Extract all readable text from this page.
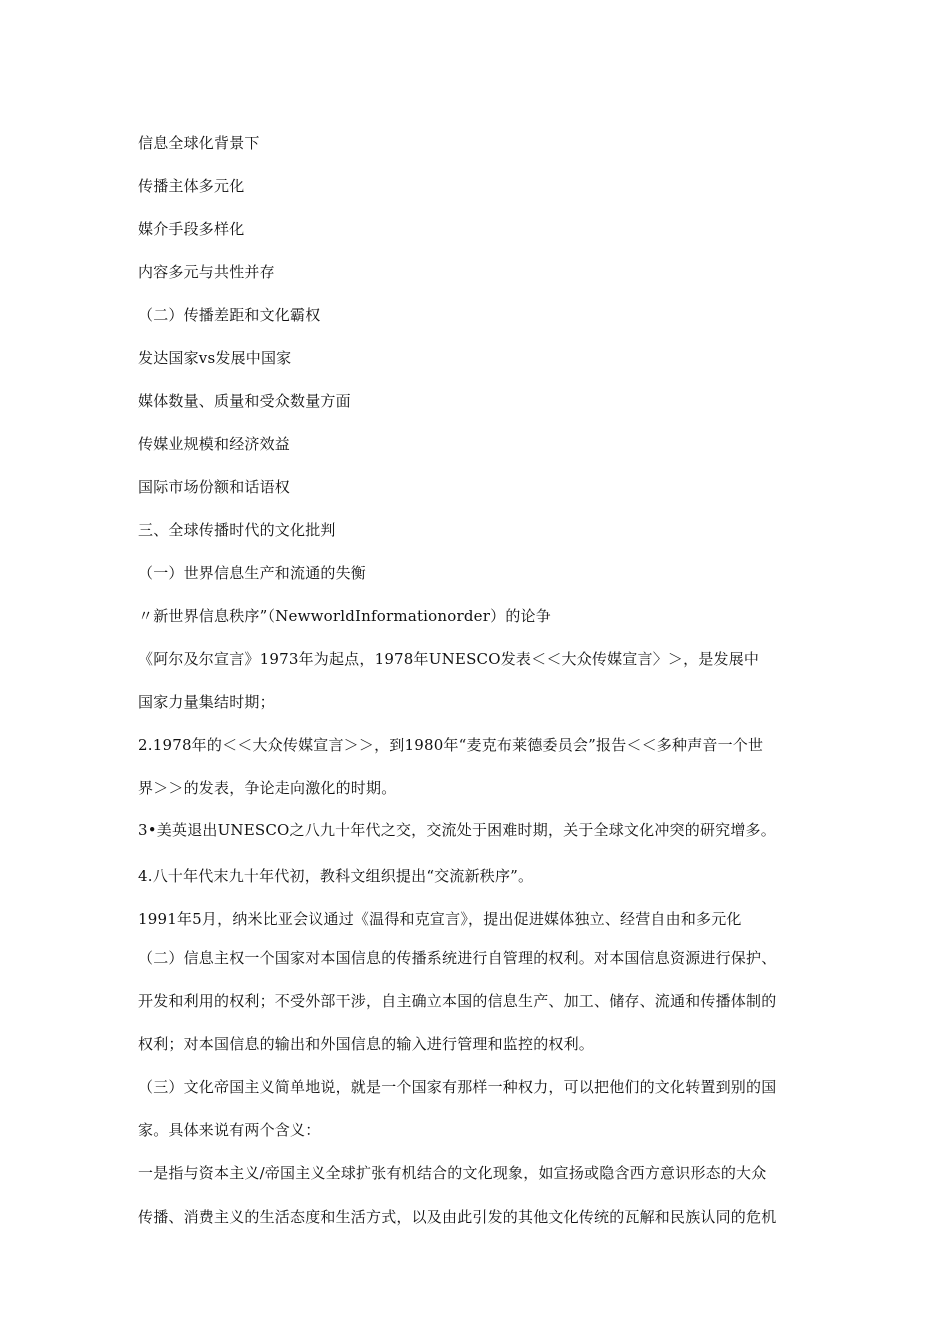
信息全球化背景下
传播主体多元化
媒介手段多样化
内容多元与共性并存
（二）传播差距和文化霸权
发达国家vs发展中国家
媒体数量、质量和受众数量方面
传媒业规模和经济效益
国际市场份额和话语权
三、全球传播时代的文化批判
（一）世界信息生产和流通的失衡
〃新世界信息秩序”（NewworldInformationorder）的论争
《阿尔及尔宣言》1973年为起点，1978年UNESCO发表＜＜大众传媒宣言〉＞，是发展中
国家力量集结时期；
2.1978年的＜＜大众传媒宣言＞＞，到1980年“麦克布莱德委员会”报告＜＜多种声音一个世
界＞＞的发表，争论走向激化的时期。
3•美英退出UNESCO之八九十年代之交，交流处于困难时期，关于全球文化冲突的研究增多。
4.八十年代末九十年代初，教科文组织提出“交流新秩序”。
1991年5月，纳米比亚会议通过《温得和克宣言》，提出促进媒体独立、经营自由和多元化
（二）信息主权一个国家对本国信息的传播系统进行自管理的权利。对本国信息资源进行保护、
开发和利用的权利；不受外部干涉，自主确立本国的信息生产、加工、储存、流通和传播体制的
权利；对本国信息的输出和外国信息的输入进行管理和监控的权利。
（三）文化帝国主义简单地说，就是一个国家有那样一种权力，可以把他们的文化转置到别的国
家。具体来说有两个含义：
一是指与资本主义/帝国主义全球扩张有机结合的文化现象，如宣扬或隐含西方意识形态的大众
传播、消费主义的生活态度和生活方式，以及由此引发的其他文化传统的瓦解和民族认同的危机
